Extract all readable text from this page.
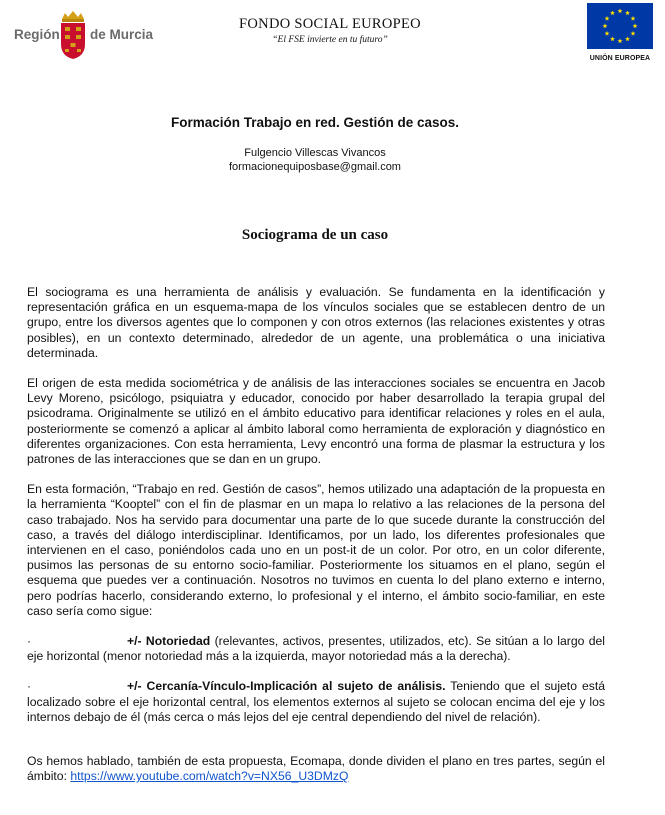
Región de Murcia
FONDO SOCIAL EUROPEO
“El FSE invierte en tu futuro”
UNIÓN EUROPEA
Formación Trabajo en red. Gestión de casos.
Fulgencio Villescas Vivancos
formacionequiposbase@gmail.com
Sociograma de un caso

El sociograma es una herramienta de análisis y evaluación. Se fundamenta en la identificación y representación gráfica en un esquema-mapa de los vínculos sociales que se establecen dentro de un grupo, entre los diversos agentes que lo componen y con otros externos (las relaciones existentes y otras posibles), en un contexto determinado, alrededor de un agente, una problemática o una iniciativa determinada.

El origen de esta medida sociométrica y de análisis de las interacciones sociales se encuentra en Jacob Levy Moreno, psicólogo, psiquiatra y educador, conocido por haber desarrollado la terapia grupal del psicodrama. Originalmente se utilizó en el ámbito educativo para identificar relaciones y roles en el aula, posteriormente se comenzó a aplicar al ámbito laboral como herramienta de exploración y diagnóstico en diferentes organizaciones. Con esta herramienta, Levy encontró una forma de plasmar la estructura y los patrones de las interacciones que se dan en un grupo.

En esta formación, “Trabajo en red. Gestión de casos”, hemos utilizado una adaptación de la propuesta en la herramienta “Kooptel” con el fin de plasmar en un mapa lo relativo a las relaciones de la persona del caso trabajado. Nos ha servido para documentar una parte de lo que sucede durante la construcción del caso, a través del diálogo interdisciplinar. Identificamos, por un lado, los diferentes profesionales que intervienen en el caso, poniéndolos cada uno en un post-it de un color. Por otro, en un color diferente, pusimos las personas de su entorno socio-familiar. Posteriormente los situamos en el plano, según el esquema que puedes ver a continuación. Nosotros no tuvimos en cuenta lo del plano externo e interno, pero podrías hacerlo, considerando externo, lo profesional y el interno, el ámbito socio-familiar, en este caso sería como sigue:

·	+/- Notoriedad (relevantes, activos, presentes, utilizados, etc). Se sitúan a lo largo del eje horizontal (menor notoriedad más a la izquierda, mayor notoriedad más a la derecha).

·	+/- Cercanía-Vínculo-Implicación al sujeto de análisis. Teniendo que el sujeto está localizado sobre el eje horizontal central, los elementos externos al sujeto se colocan encima del eje y los internos debajo de él (más cerca o más lejos del eje central dependiendo del nivel de relación).

Os hemos hablado, también de esta propuesta, Ecomapa, donde dividen el plano en tres partes, según el ámbito: https://www.youtube.com/watch?v=NX56_U3DMzQ
